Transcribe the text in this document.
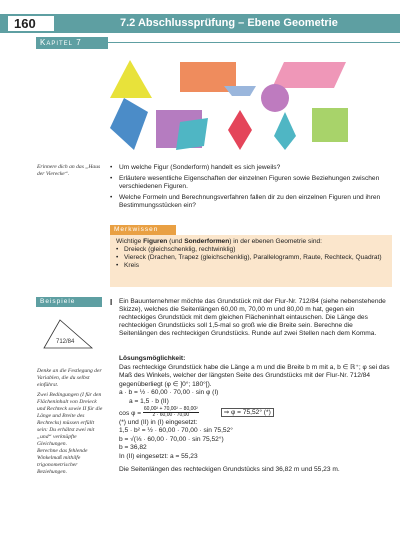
160	7.2 Abschlussprüfung – Ebene Geometrie
Kapitel 7
Erinnere dich an das „Haus der Vierecke“.
• Um welche Figur (Sonderform) handelt es sich jeweils?
• Erläutere wesentliche Eigenschaften der einzelnen Figuren sowie Beziehungen zwischen verschiedenen Figuren.
• Welche Formeln und Berechnungsverfahren fallen dir zu den einzelnen Figuren und ihren Bestimmungsstücken ein?
Merkwissen
Wichtige Figuren (und Sonderformen) in der ebenen Geometrie sind:
• Dreieck (gleichschenklig, rechtwinklig)
• Viereck (Drachen, Trapez (gleichschenklig), Parallelogramm, Raute, Rechteck, Quadrat)
• Kreis
Beispiele
712/84
Denke an die Festlegung der Variablen, die du selbst einführst.
Zwei Bedingungen (I für den Flächeninhalt von Dreieck und Rechteck sowie II für die Länge und Breite des Rechtecks) müssen erfüllt sein: Du erhältst zwei mit „und“ verknüpfte Gleichungen.
Berechne das fehlende Winkelmaß mithilfe trigonometrischer Beziehungen.
I Ein Bauunternehmer möchte das Grundstück mit der Flur-Nr. 712/84 (siehe nebenstehende Skizze), welches die Seitenlängen 60,00 m, 70,00 m und 80,00 m hat, gegen ein rechteckiges Grundstück mit dem gleichen Flächeninhalt eintauschen. Die Länge des rechteckigen Grundstücks soll 1,5-mal so groß wie die Breite sein. Berechne die Seitenlängen des rechteckigen Grundstücks. Runde auf zwei Stellen nach dem Komma.
Lösungsmöglichkeit:
Das rechteckige Grundstück habe die Länge a m und die Breite b m mit a, b ∈ ℝ⁺; φ sei das Maß des Winkels, welcher der längsten Seite des Grundstücks mit der Flur-Nr. 712/84 gegenüberliegt (φ ∈ ]0°; 180°[).
a · b = ½ · 60,00 · 70,00 · sin φ (I)
a = 1,5 · b (II)
$\cos \varphi = \frac{\text{60,00² + 70,00² − 80,00²}}{2 \cdot 60,00 \cdot 70,00}$	⇒ φ = 75,52° (*)
(*) und (II) in (I) eingesetzt:
1,5 · b² = ½ · 60,00 · 70,00 · sin 75,52°
b = √(⅓ · 60,00 · 70,00 · sin 75,52°)
b = 36,82
In (II) eingesetzt: a = 55,23
Die Seitenlängen des rechteckigen Grundstücks sind 36,82 m und 55,23 m.
